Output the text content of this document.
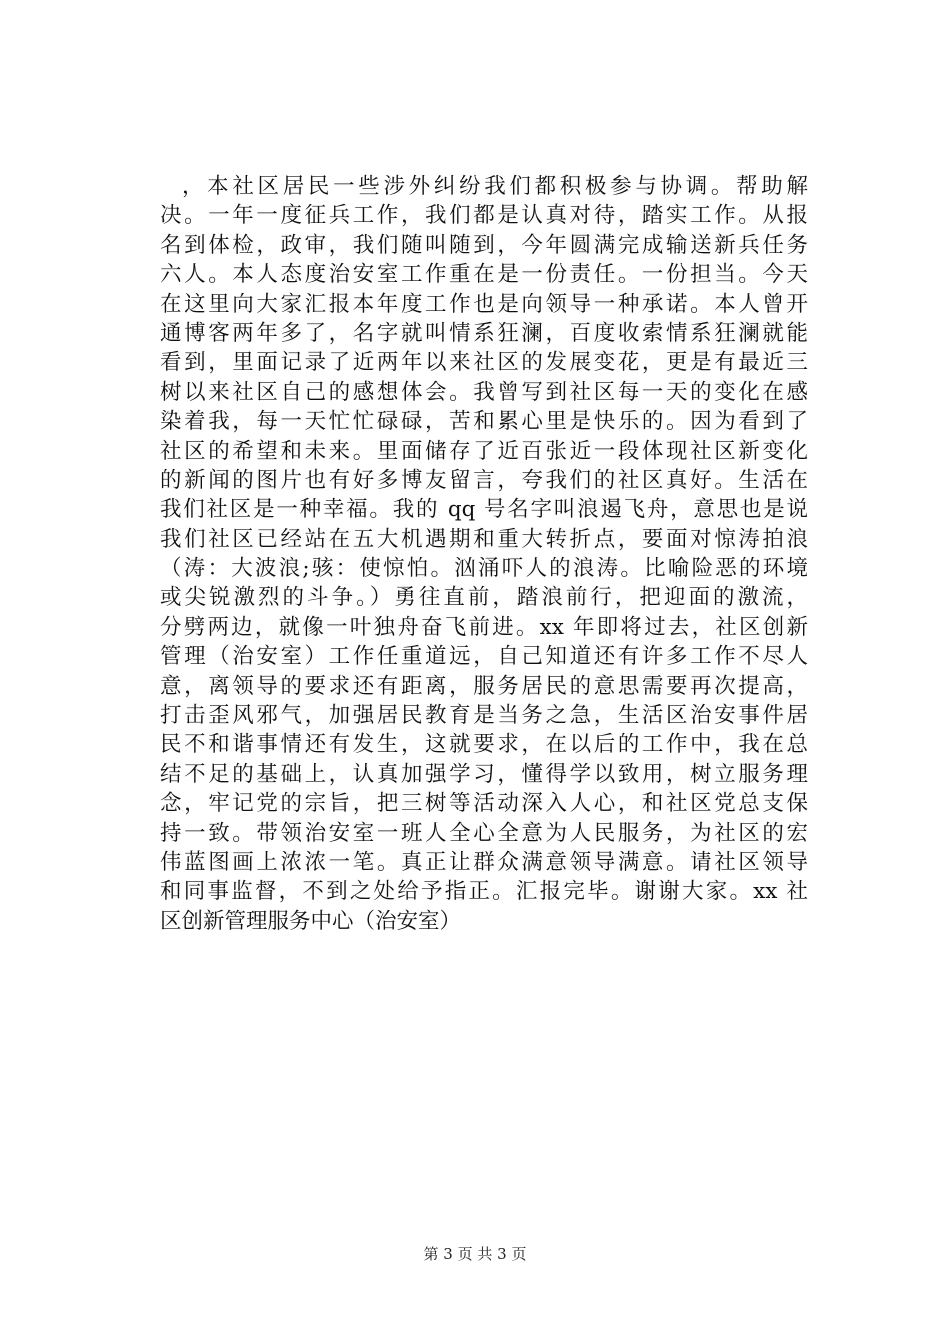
，本社区居民一些涉外纠纷我们都积极参与协调。帮助解
决。一年一度征兵工作，我们都是认真对待，踏实工作。从报
名到体检，政审，我们随叫随到，今年圆满完成输送新兵任务
六人。本人态度治安室工作重在是一份责任。一份担当。今天
在这里向大家汇报本年度工作也是向领导一种承诺。本人曾开
通博客两年多了，名字就叫情系狂澜，百度收索情系狂澜就能
看到，里面记录了近两年以来社区的发展变花，更是有最近三
树以来社区自己的感想体会。我曾写到社区每一天的变化在感
染着我，每一天忙忙碌碌，苦和累心里是快乐的。因为看到了
社区的希望和未来。里面储存了近百张近一段体现社区新变化
的新闻的图片也有好多博友留言，夸我们的社区真好。生活在
我们社区是一种幸福。我的 qq 号名字叫浪遏飞舟，意思也是说
我们社区已经站在五大机遇期和重大转折点，要面对惊涛拍浪
（涛：大波浪;骇：使惊怕。汹涌吓人的浪涛。比喻险恶的环境
或尖锐激烈的斗争。）勇往直前，踏浪前行，把迎面的激流，
分劈两边，就像一叶独舟奋飞前进。xx 年即将过去，社区创新
管理（治安室）工作任重道远，自己知道还有许多工作不尽人
意，离领导的要求还有距离，服务居民的意思需要再次提高，
打击歪风邪气，加强居民教育是当务之急，生活区治安事件居
民不和谐事情还有发生，这就要求，在以后的工作中，我在总
结不足的基础上，认真加强学习，懂得学以致用，树立服务理
念，牢记党的宗旨，把三树等活动深入人心，和社区党总支保
持一致。带领治安室一班人全心全意为人民服务，为社区的宏
伟蓝图画上浓浓一笔。真正让群众满意领导满意。请社区领导
和同事监督，不到之处给予指正。汇报完毕。谢谢大家。xx 社
区创新管理服务中心（治安室）
第 3 页 共 3 页
